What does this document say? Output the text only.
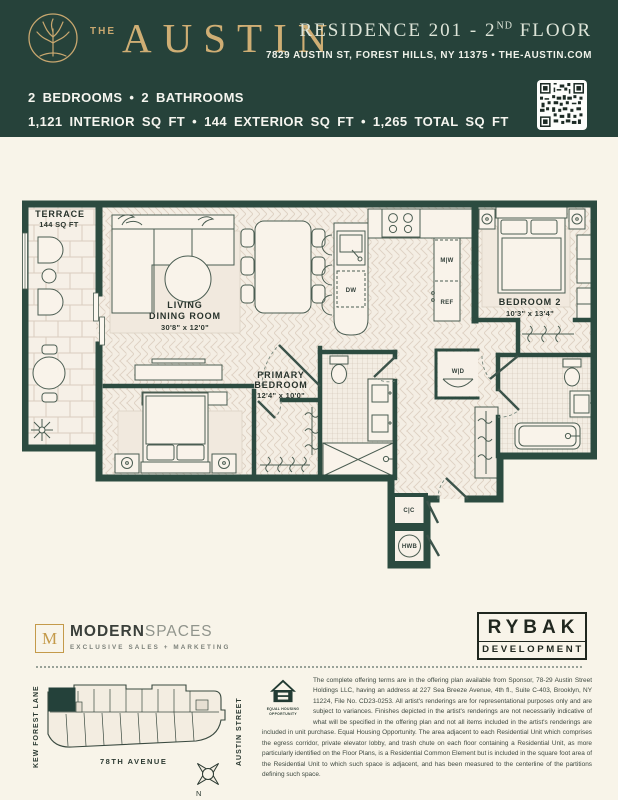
THE AUSTIN
RESIDENCE 201 - 2ND FLOOR
7829 AUSTIN ST, FOREST HILLS, NY 11375 • THE-AUSTIN.COM
2 BEDROOMS • 2 BATHROOMS
1,121 INTERIOR SQ FT • 144 EXTERIOR SQ FT • 1,265 TOTAL SQ FT
TERRACE
144 SQ FT
LIVING
DINING ROOM
30'8" x 12'0"
PRIMARY
BEDROOM
12'4" x 10'0"
BEDROOM 2
10'3" x 13'4"
DW
M|W
REF
W|D
C|C
HWB
M MODERNSPACES
EXCLUSIVE SALES + MARKETING
RYBAK
DEVELOPMENT
KEW FOREST LANE	AUSTIN STREET
78TH AVENUE
N
EQUAL HOUSING
OPPORTUNITY
The complete offering terms are in the offering plan available from Sponsor, 78-29 Austin Street Holdings LLC, having an address at 227 Sea Breeze Avenue, 4th fl., Suite C-403, Brooklyn, NY 11224, File No. CD23-0253. All artist's renderings are for representational purposes only and are subject to variances. Finishes depicted in the artist's renderings are not necessarily indicative of what will be specified in the offering plan and not all items included in the artist's renderings are included in unit purchase. Equal Housing Opportunity. The area adjacent to each Residential Unit which comprises the egress corridor, private elevator lobby, and trash chute on each floor containing a Residential Unit, as more particularly identified on the Floor Plans, is a Residential Common Element but is included in the square foot area of the Residential Unit to which such space is adjacent, and has been measured to the centerline of the partitions defining such space.
